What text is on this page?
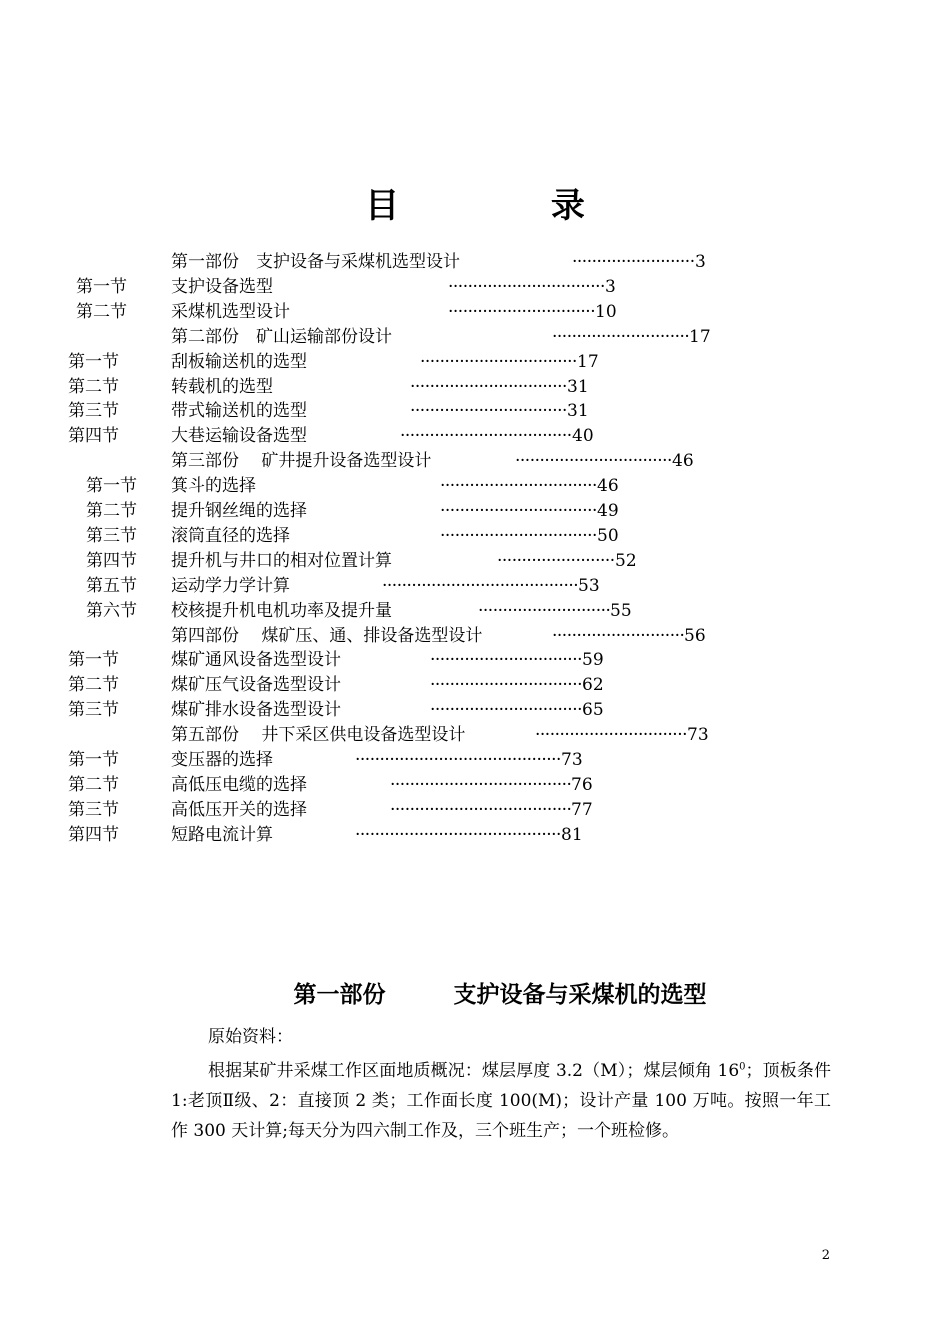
目 录
第一部份　支护设备与采煤机选型设计	························· 3
第一节	支护设备选型	································ 3
第二节	采煤机选型设计	······························ 10
第二部份　矿山运输部份设计	···························· 17
第一节	刮板输送机的选型	································ 17
第二节	转载机的选型	································ 31
第三节	带式输送机的选型	································ 31
第四节	大巷运输设备选型	··································· 40
第三部份　 矿井提升设备选型设计	································ 46
第一节 箕斗的选择	································ 46
第二节 提升钢丝绳的选择	································ 49
第三节 滚筒直径的选择	································ 50
第四节 提升机与井口的相对位置计算	························ 52
第五节 运动学力学计算	········································ 53
第六节 校核提升机电机功率及提升量	··························· 55
第四部份　 煤矿压、通、排设备选型设计	··························· 56
第一节	煤矿通风设备选型设计	······························· 59
第二节	煤矿压气设备选型设计	······························· 62
第三节	煤矿排水设备选型设计	······························· 65
第五部份　 井下采区供电设备选型设计	······························· 73
第一节	变压器的选择	·········································· 73
第二节	高低压电缆的选择	····································· 76
第三节	高低压开关的选择	····································· 77
第四节	短路电流计算	·········································· 81
第一部份	支护设备与采煤机的选型
原始资料：
根据某矿井采煤工作区面地质概况：煤层厚度 3.2（M）；煤层倾角 $16^0$；顶板条件 1:老顶Ⅱ级、2：直接顶 2 类；工作面长度 100(M)；设计产量 100 万吨。按照一年工作 300 天计算;每天分为四六制工作及，三个班生产；一个班检修。
2
